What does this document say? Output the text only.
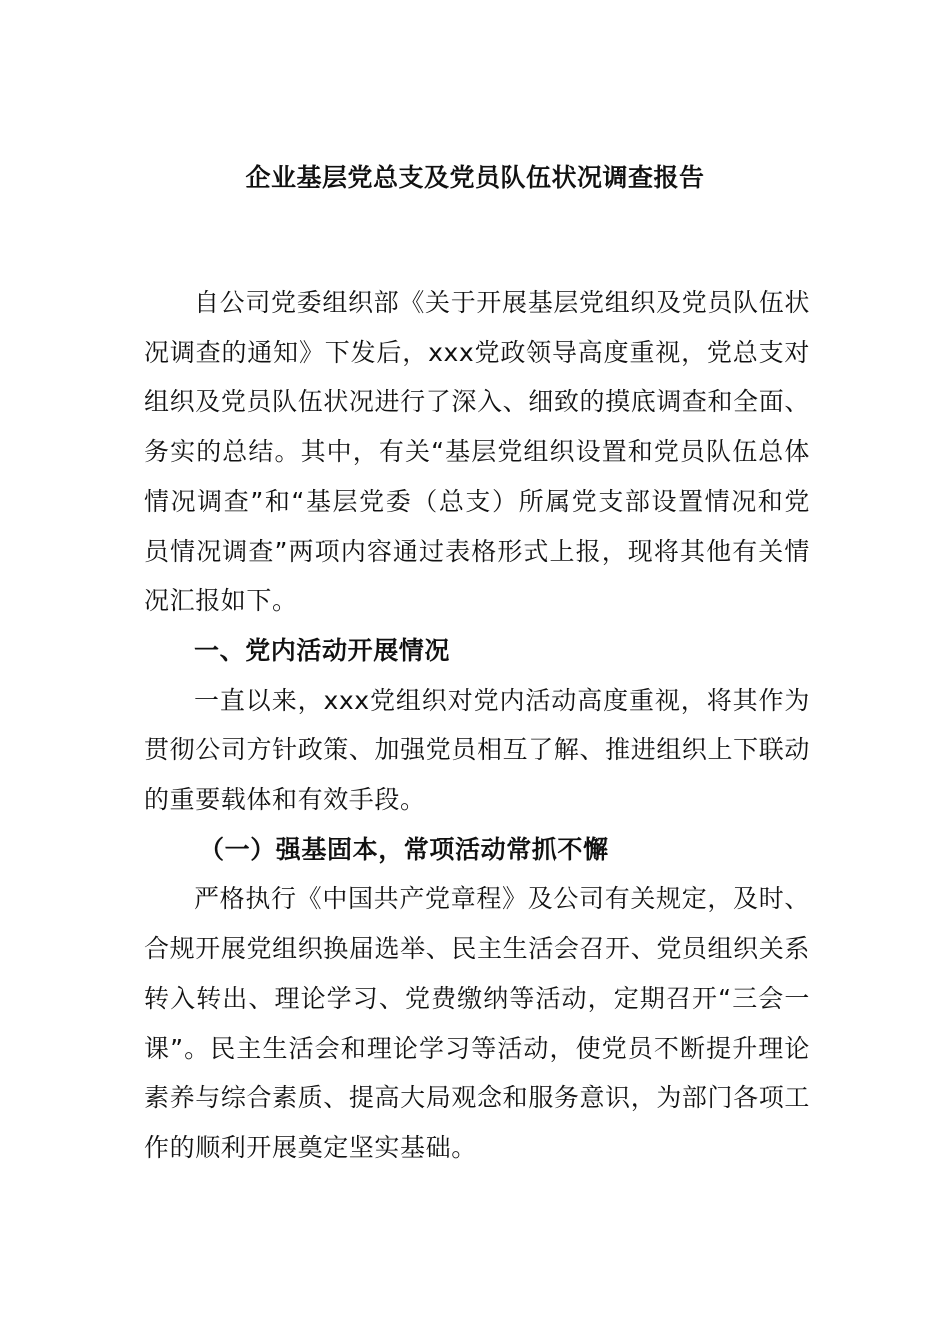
企业基层党总支及党员队伍状况调查报告

自公司党委组织部《关于开展基层党组织及党员队伍状况调查的通知》下发后，xxx党政领导高度重视，党总支对组织及党员队伍状况进行了深入、细致的摸底调查和全面、务实的总结。其中，有关“基层党组织设置和党员队伍总体情况调查”和“基层党委（总支）所属党支部设置情况和党员情况调查”两项内容通过表格形式上报，现将其他有关情况汇报如下。

一、党内活动开展情况

一直以来，xxx党组织对党内活动高度重视，将其作为贯彻公司方针政策、加强党员相互了解、推进组织上下联动的重要载体和有效手段。

（一）强基固本，常项活动常抓不懈

严格执行《中国共产党章程》及公司有关规定，及时、合规开展党组织换届选举、民主生活会召开、党员组织关系转入转出、理论学习、党费缴纳等活动，定期召开“三会一课”。民主生活会和理论学习等活动，使党员不断提升理论素养与综合素质、提高大局观念和服务意识，为部门各项工作的顺利开展奠定坚实基础。
